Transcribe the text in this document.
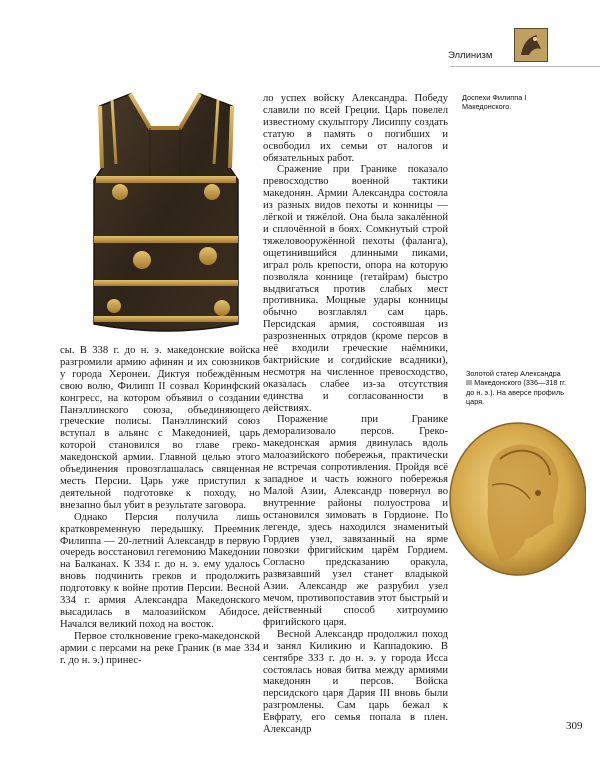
Эллинизм
Доспехи Филиппа I Македонского.
Золотой статер Александра III Македонского (336—318 гг. до н. э.). На аверсе профиль царя.

сы. В 338 г. до н. э. македонские войска разгромили армию афинян и их союзников у города Херонеи. Диктуя побеждённым свою волю, Филипп II созвал Коринфский конгресс, на котором объявил о создании Панэллинского союза, объединяющего греческие полисы. Панэллинский союз вступал в альянс с Македонией, царь которой становился во главе греко-македонской армии. Главной целью этого объединения провозглашалась священная месть Персии. Царь уже приступил к деятельной подготовке к походу, но внезапно был убит в результате заговора.

Однако Персия получила лишь кратковременную передышку. Преемник Филиппа — 20-летний Александр в первую очередь восстановил гегемонию Македонии на Балканах. К 334 г. до н. э. ему удалось вновь подчинить греков и продолжить подготовку к войне против Персии. Весной 334 г. армия Александра Македонского высадилась в малоазийском Абидосе. Начался великий поход на восток.

Первое столкновение греко-македонской армии с персами на реке Граник (в мае 334 г. до н. э.) принес-

ло успех войску Александра. Победу славили по всей Греции. Царь повелел известному скульптору Лисиппу создать статую в память о погибших и освободил их семьи от налогов и обязательных работ.

Сражение при Гранике показало превосходство военной тактики македонян. Армии Александра состояла из разных видов пехоты и конницы — лёгкой и тяжёлой. Она была закалённой и сплочённой в боях. Сомкнутый строй тяжеловооружённой пехоты (фаланга), ощетинившийся длинными пиками, играл роль крепости, опора на которую позволяла коннице (гетайрам) быстро выдвигаться против слабых мест противника. Мощные удары конницы обычно возглавлял сам царь. Персидская армия, состоявшая из разрозненных отрядов (кроме персов в неё входили греческие наёмники, бактрийские и согдийские всадники), несмотря на численное превосходство, оказалась слабее из-за отсутствия единства и согласованности в действиях.

Поражение при Гранике деморализовало персов. Греко-македонская армия двинулась вдоль малоазийского побережья, практически не встречая сопротивления. Пройдя всё западное и часть южного побережья Малой Азии, Александр повернул во внутренние районы полуострова и остановился зимовать в Гордионе. По легенде, здесь находился знаменитый Гордиев узел, завязанный на ярме повозки фригийским царём Гордием. Согласно предсказанию оракула, развязавший узел станет владыкой Азии. Александр же разрубил узел мечом, противопоставив этот быстрый и действенный способ хитроумию фригийского царя.

Весной Александр продолжил поход и занял Киликию и Каппадокию. В сентябре 333 г. до н. э. у города Исса состоялась новая битва между армиями македонян и персов. Войска персидского царя Дария III вновь были разгромлены. Сам царь бежал к Евфрату, его семья попала в плен. Александр	309
